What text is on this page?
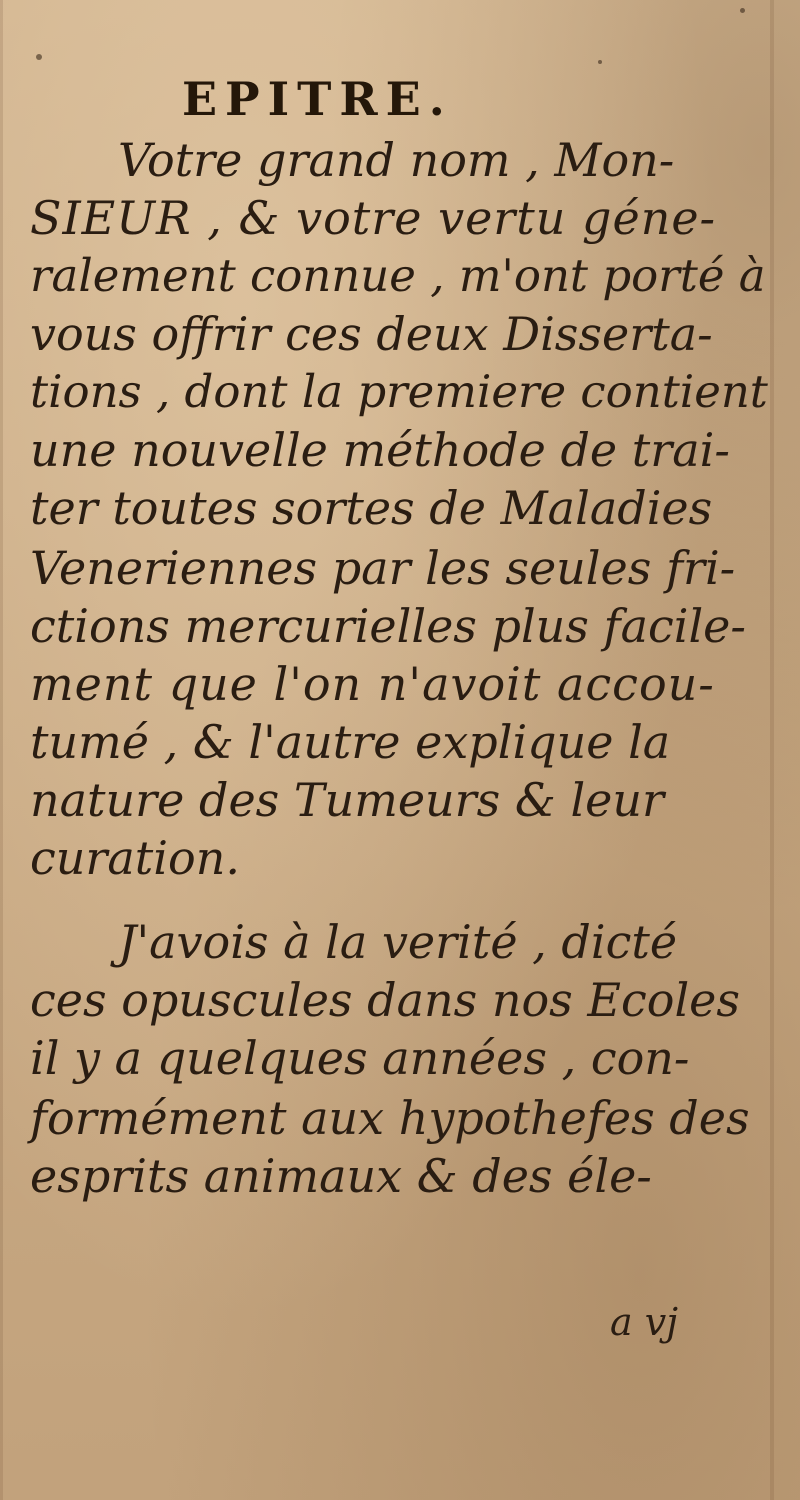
EPITRE.
Votre grand nom , Mon-
SIEUR , & votre vertu géne-
ralement connue , m'ont porté à
vous offrir ces deux Disserta-
tions , dont la premiere contient
une nouvelle méthode de trai-
ter toutes sortes de Maladies
Veneriennes par les seules fri-
ctions mercurielles plus facile-
ment que l'on n'avoit accou-
tumé , & l'autre explique la
nature des Tumeurs & leur
curation.
J'avois à la verité , dicté
ces opuscules dans nos Ecoles
il y a quelques années , con-
formément aux hypothefes des
esprits animaux & des éle-
a vj
